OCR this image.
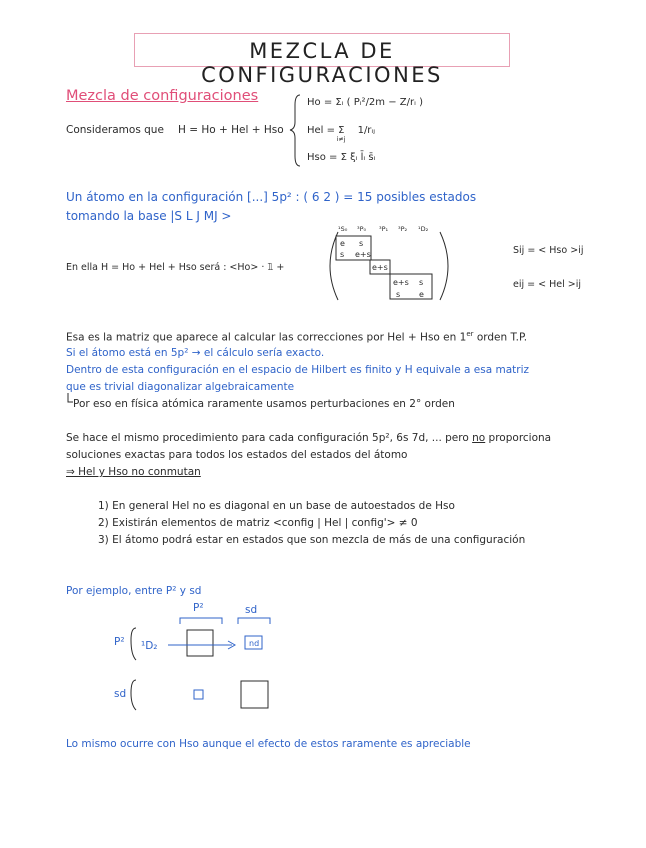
MEZCLA DE CONFIGURACIONES
Mezcla de configuraciones
Consideramos que H = Ho + Hel + Hso
Ho = Σᵢ ( Pᵢ²/2m − Z/rᵢ )
Hel = $\Sigma_{i\ne j}1$/rᵢⱼ
Hso = Σ ξᵢ l̄ᵢ s̄ᵢ
Un átomo en la configuración [...] 5p² : ( 6 2 ) = 15 posibles estados
tomando la base |S L J MJ >
En ella H = Ho + Hel + Hso será : <Ho> · 𝟙 +
¹S₀ ³P₀ ³P₁ ³P₂ ¹D₂
e s
s e+s
e+s
e+s s
s e
Sij = < Hso >ij
eij = < Hel >ij
Esa es la matriz que aparece al calcular las correcciones por Hel + Hso en 1er orden T.P.
Si el átomo está en 5p² → el cálculo sería exacto.
Dentro de esta configuración en el espacio de Hilbert es finito y H equivale a esa matriz
que es trivial diagonalizar algebraicamente
Por eso en física atómica raramente usamos perturbaciones en 2° orden
Se hace el mismo procedimiento para cada configuración 5p², 6s 7d, ... pero no proporciona
soluciones exactas para todos los estados del estados del átomo
⇒ Hel y Hso no conmutan
1) En general Hel no es diagonal en un base de autoestados de Hso
2) Existirán elementos de matriz <config | Hel | config'> ≠ 0
3) El átomo podrá estar en estados que son mezcla de más de una configuración
Por ejemplo, entre P² y sd
P²	sd
P² ¹D₂
sd
nd
Lo mismo ocurre con Hso aunque el efecto de estos raramente es apreciable
